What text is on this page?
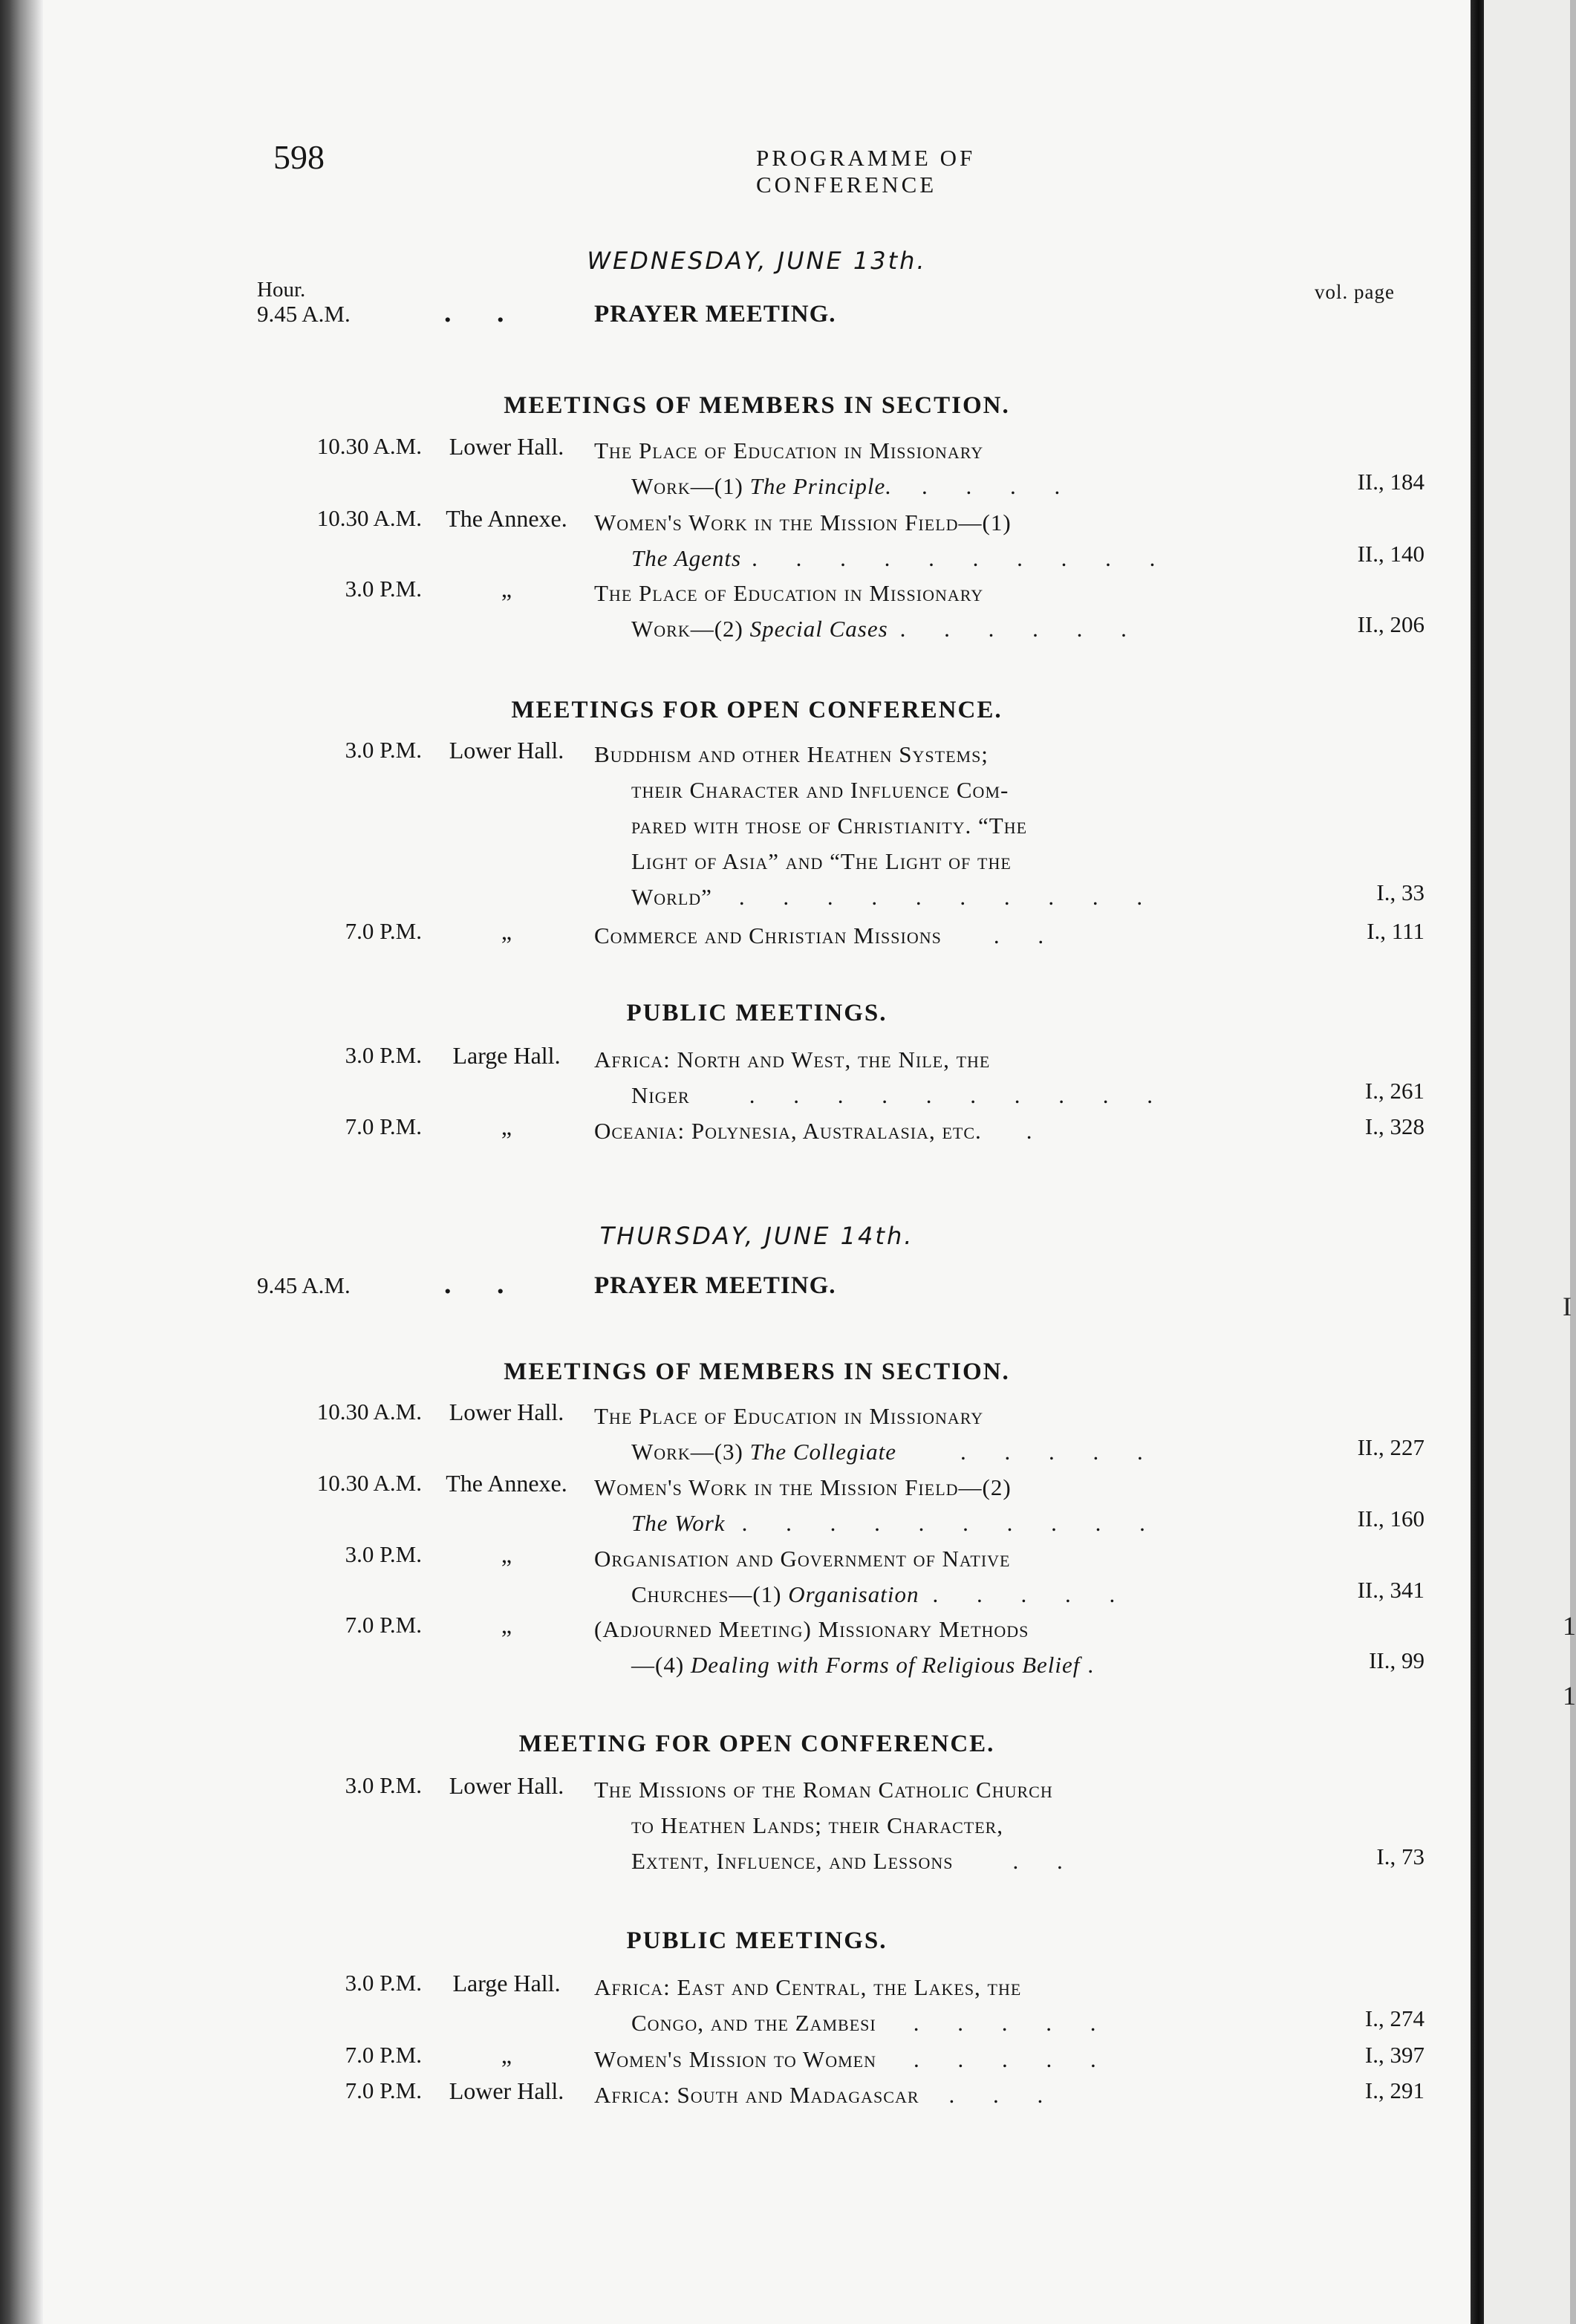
598	PROGRAMME OF CONFERENCE
WEDNESDAY, JUNE 13th.
Hour.	vol. page
9.45 A.M.	. .	PRAYER MEETING.
MEETINGS OF MEMBERS IN SECTION.
10.30 A.M.	Lower Hall.	The Place of Education in Missionary
Work—(1) The Principle. . . . .	II., 184
10.30 A.M.	The Annexe.	Women's Work in the Mission Field—(1)
The Agents . . . . . . . . . .	II., 140
3.0 P.M.	„	The Place of Education in Missionary
Work—(2) Special Cases . . . . . .	II., 206
MEETINGS FOR OPEN CONFERENCE.
3.0 P.M.	Lower Hall.	Buddhism and other Heathen Systems;
their Character and Influence Com-
pared with those of Christianity. “The
Light of Asia” and “The Light of the
World” . . . . . . . . . .	I., 33
7.0 P.M.	„	Commerce and Christian Missions . .	I., 111
PUBLIC MEETINGS.
3.0 P.M.	Large Hall.	Africa: North and West, the Nile, the
Niger	. . . . . . . . . .	I., 261
7.0 P.M.	„	Oceania: Polynesia, Australasia, etc. .	I., 328
THURSDAY, JUNE 14th.
9.45 A.M.	. .	PRAYER MEETING.
MEETINGS OF MEMBERS IN SECTION.
10.30 A.M.	Lower Hall.	The Place of Education in Missionary
Work—(3) The Collegiate	. . . . .	II., 227
10.30 A.M.	The Annexe.	Women's Work in the Mission Field—(2)
The Work . . . . . . . . . .	II., 160
3.0 P.M.	„	Organisation and Government of Native
Churches—(1) Organisation . . . . .	II., 341
7.0 P.M.	„	(Adjourned Meeting) Missionary Methods
—(4) Dealing with Forms of Religious Belief .	II., 99
MEETING FOR OPEN CONFERENCE.
3.0 P.M.	Lower Hall.	The Missions of the Roman Catholic Church
to Heathen Lands; their Character,
Extent, Influence, and Lessons	. .	I., 73
PUBLIC MEETINGS.
3.0 P.M.	Large Hall.	Africa: East and Central, the Lakes, the
Congo, and the Zambesi . . . . .	I., 274
7.0 P.M.	„	Women's Mission to Women . . . . .	I., 397
7.0 P.M.	Lower Hall.	Africa: South and Madagascar . . .	I., 291
I
1
1
